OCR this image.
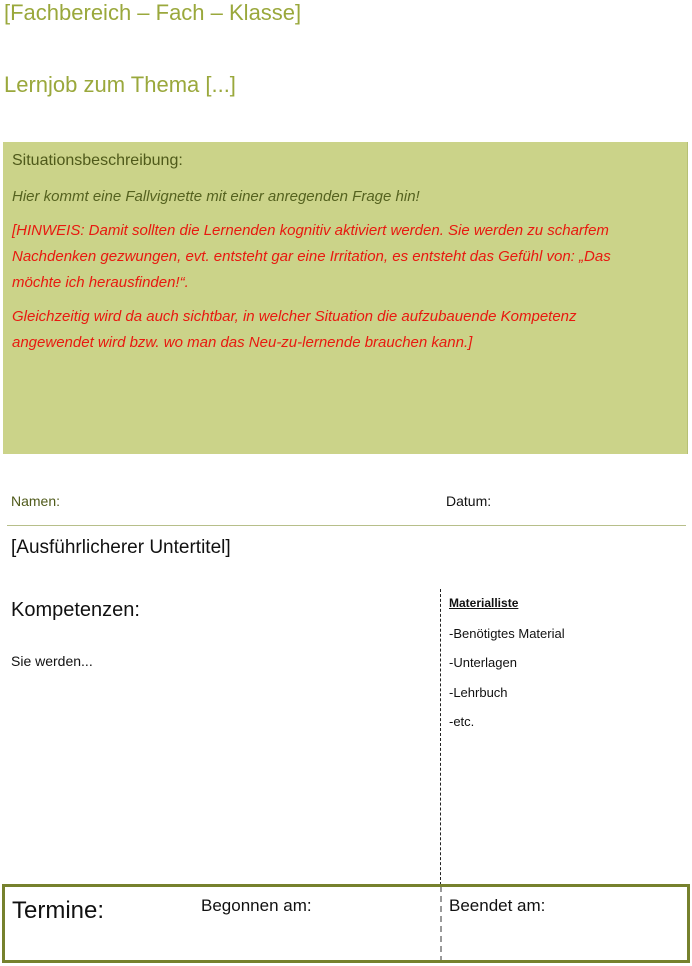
[Fachbereich – Fach – Klasse]
Lernjob zum Thema [...]
Situationsbeschreibung:
Hier kommt eine Fallvignette mit einer anregenden Frage hin!
[HINWEIS: Damit sollten die Lernenden kognitiv aktiviert werden. Sie werden zu scharfem
Nachdenken gezwungen, evt. entsteht gar eine Irritation, es entsteht das Gefühl von: „Das
möchte ich herausfinden!“.
Gleichzeitig wird da auch sichtbar, in welcher Situation die aufzubauende Kompetenz
angewendet wird bzw. wo man das Neu-zu-lernende brauchen kann.]
Namen:	Datum:
[Ausführlicherer Untertitel]
Kompetenzen:
Sie werden...
Materialliste
-Benötigtes Material
-Unterlagen
-Lehrbuch
-etc.
Termine:	Begonnen am:	Beendet am:
